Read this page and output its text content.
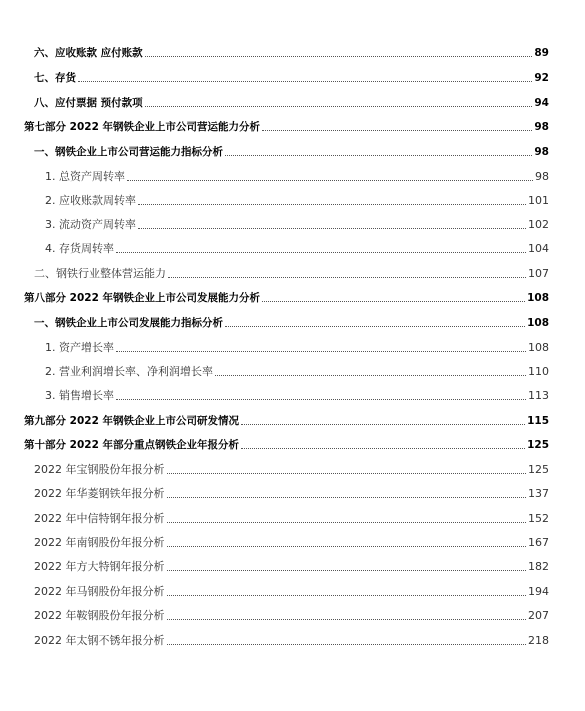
六、应收账款 应付账款	89
七、存货	92
八、应付票据 预付款项	94
第七部分 2022 年钢铁企业上市公司营运能力分析	98
一、钢铁企业上市公司营运能力指标分析	98
1. 总资产周转率	98
2. 应收账款周转率	101
3. 流动资产周转率	102
4. 存货周转率	104
二、钢铁行业整体营运能力	107
第八部分 2022 年钢铁企业上市公司发展能力分析	108
一、钢铁企业上市公司发展能力指标分析	108
1. 资产增长率	108
2. 营业利润增长率、净利润增长率	110
3. 销售增长率	113
第九部分 2022 年钢铁企业上市公司研发情况	115
第十部分 2022 年部分重点钢铁企业年报分析	125
2022 年宝钢股份年报分析	125
2022 年华菱钢铁年报分析	137
2022 年中信特钢年报分析	152
2022 年南钢股份年报分析	167
2022 年方大特钢年报分析	182
2022 年马钢股份年报分析	194
2022 年鞍钢股份年报分析	207
2022 年太钢不锈年报分析	218
